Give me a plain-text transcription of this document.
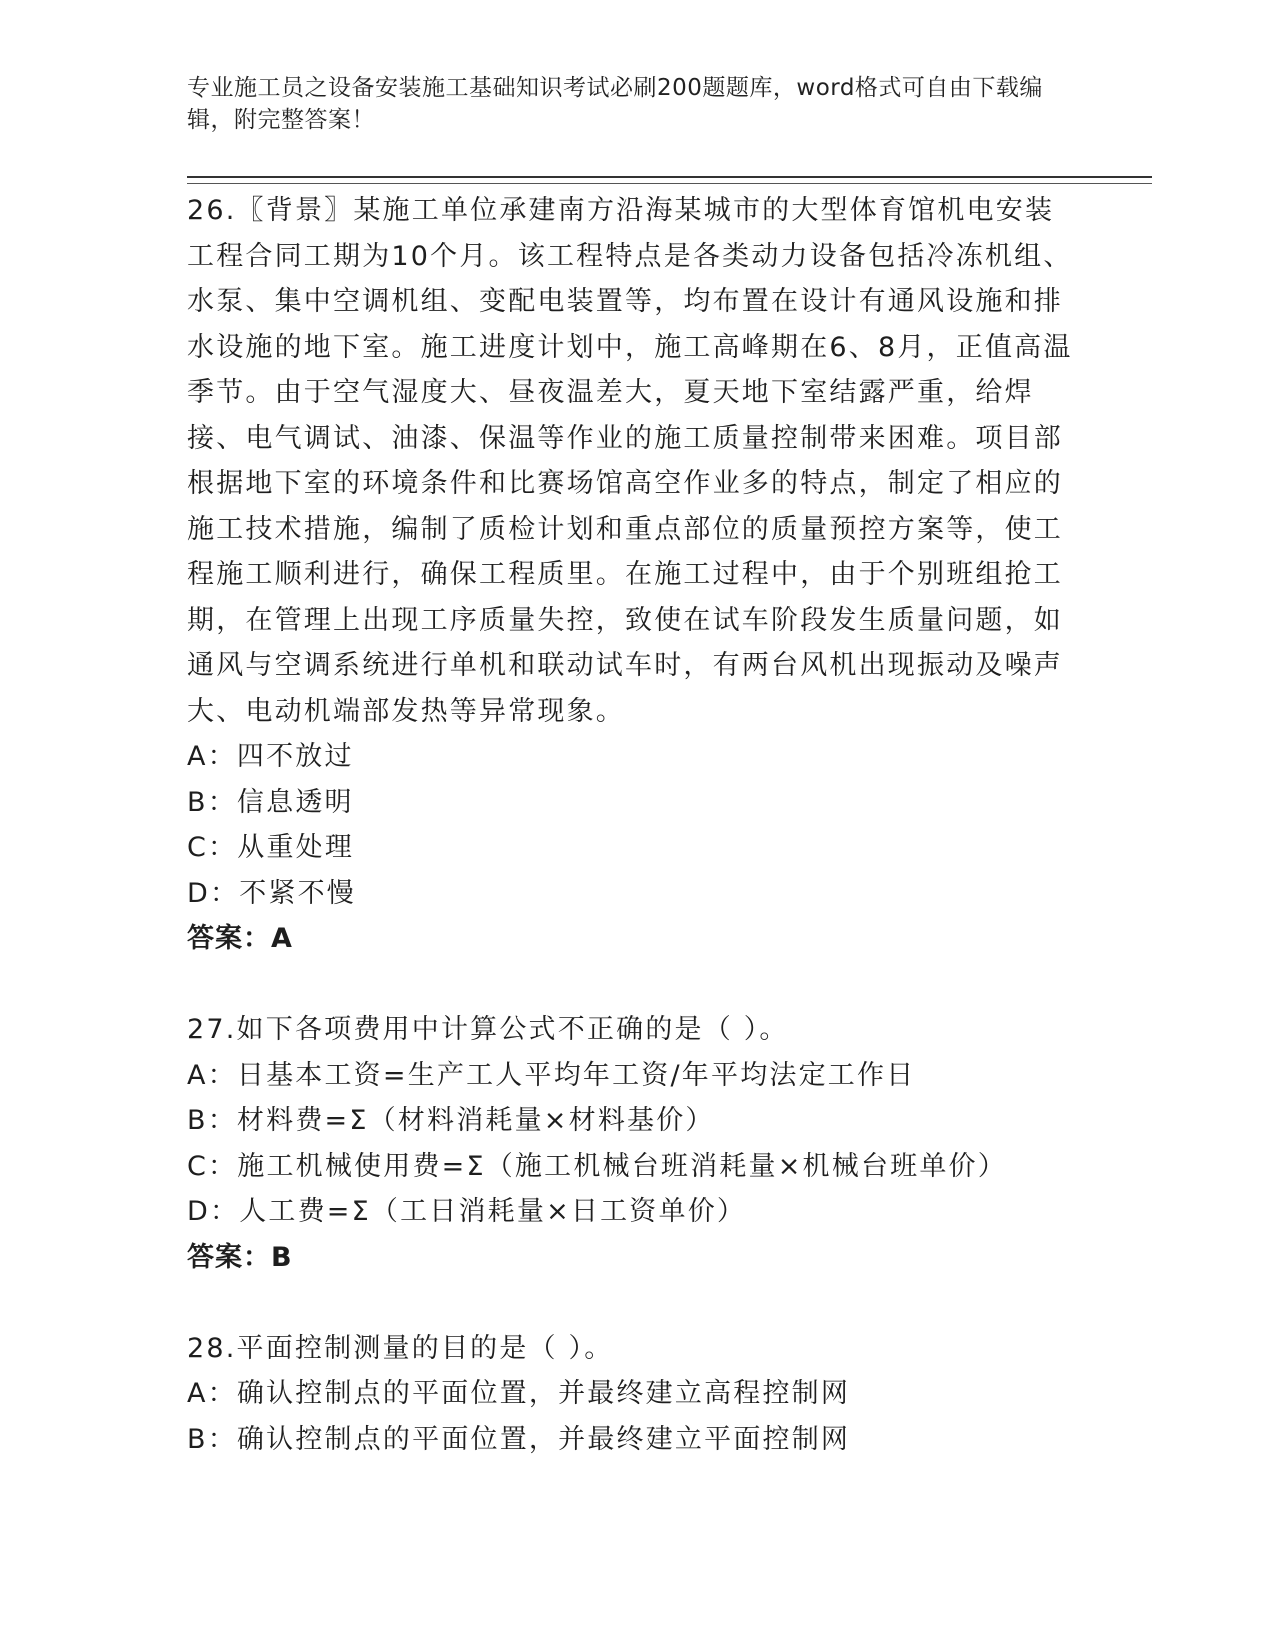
专业施工员之设备安装施工基础知识考试必刷200题题库，word格式可自由下载编辑，附完整答案！

26.〖背景〗某施工单位承建南方沿海某城市的大型体育馆机电安装工程合同工期为10个月。该工程特点是各类动力设备包括冷冻机组、水泵、集中空调机组、变配电装置等，均布置在设计有通风设施和排水设施的地下室。施工进度计划中，施工高峰期在6、8月，正值高温季节。由于空气湿度大、昼夜温差大，夏天地下室结露严重，给焊接、电气调试、油漆、保温等作业的施工质量控制带来困难。项目部根据地下室的环境条件和比赛场馆高空作业多的特点，制定了相应的施工技术措施，编制了质检计划和重点部位的质量预控方案等，使工程施工顺利进行，确保工程质里。在施工过程中，由于个别班组抢工期，在管理上出现工序质量失控，致使在试车阶段发生质量问题，如通风与空调系统进行单机和联动试车时，有两台风机出现振动及噪声大、电动机端部发热等异常现象。

A：四不放过

B：信息透明

C：从重处理

D：不紧不慢

答案：A

27.如下各项费用中计算公式不正确的是（ ）。

A：日基本工资=生产工人平均年工资/年平均法定工作日

B：材料费=Σ（材料消耗量×材料基价）

C：施工机械使用费=Σ（施工机械台班消耗量×机械台班单价）

D：人工费=Σ（工日消耗量×日工资单价）

答案：B

28.平面控制测量的目的是（ ）。

A：确认控制点的平面位置，并最终建立高程控制网

B：确认控制点的平面位置，并最终建立平面控制网
